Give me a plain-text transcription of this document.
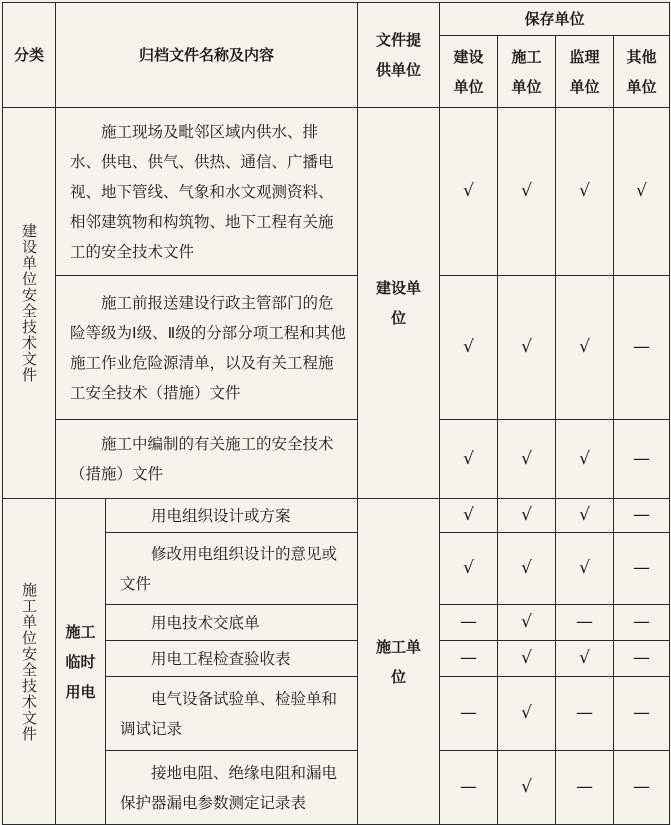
分类	归档文件名称及内容		文件提供单位	保存单位			
				建设单位	施工单位	监理单位	其他单位

建设单位安全技术文件	施工现场及毗邻区域内供水、排水、供电、供气、供热、通信、广播电视、地下管线、气象和水文观测资料、相邻建筑物和构筑物、地下工程有关施工的安全技术文件		建设单位	√	√	√	√
	施工前报送建设行政主管部门的危险等级为Ⅰ级、Ⅱ级的分部分项工程和其他施工作业危险源清单，以及有关工程施工安全技术（措施）文件			√	√	√	—
	施工中编制的有关施工的安全技术（措施）文件			√	√	√	—

施工单位安全技术文件	施工临时用电	用电组织设计或方案	施工单位	√	√	√	—
		修改用电组织设计的意见或文件		√	√	√	—
		用电技术交底单		—	√	—	—
		用电工程检查验收表		—	√	√	—
		电气设备试验单、检验单和调试记录		—	√	—	—
		接地电阻、绝缘电阻和漏电保护器漏电参数测定记录表		—	√	—	—
